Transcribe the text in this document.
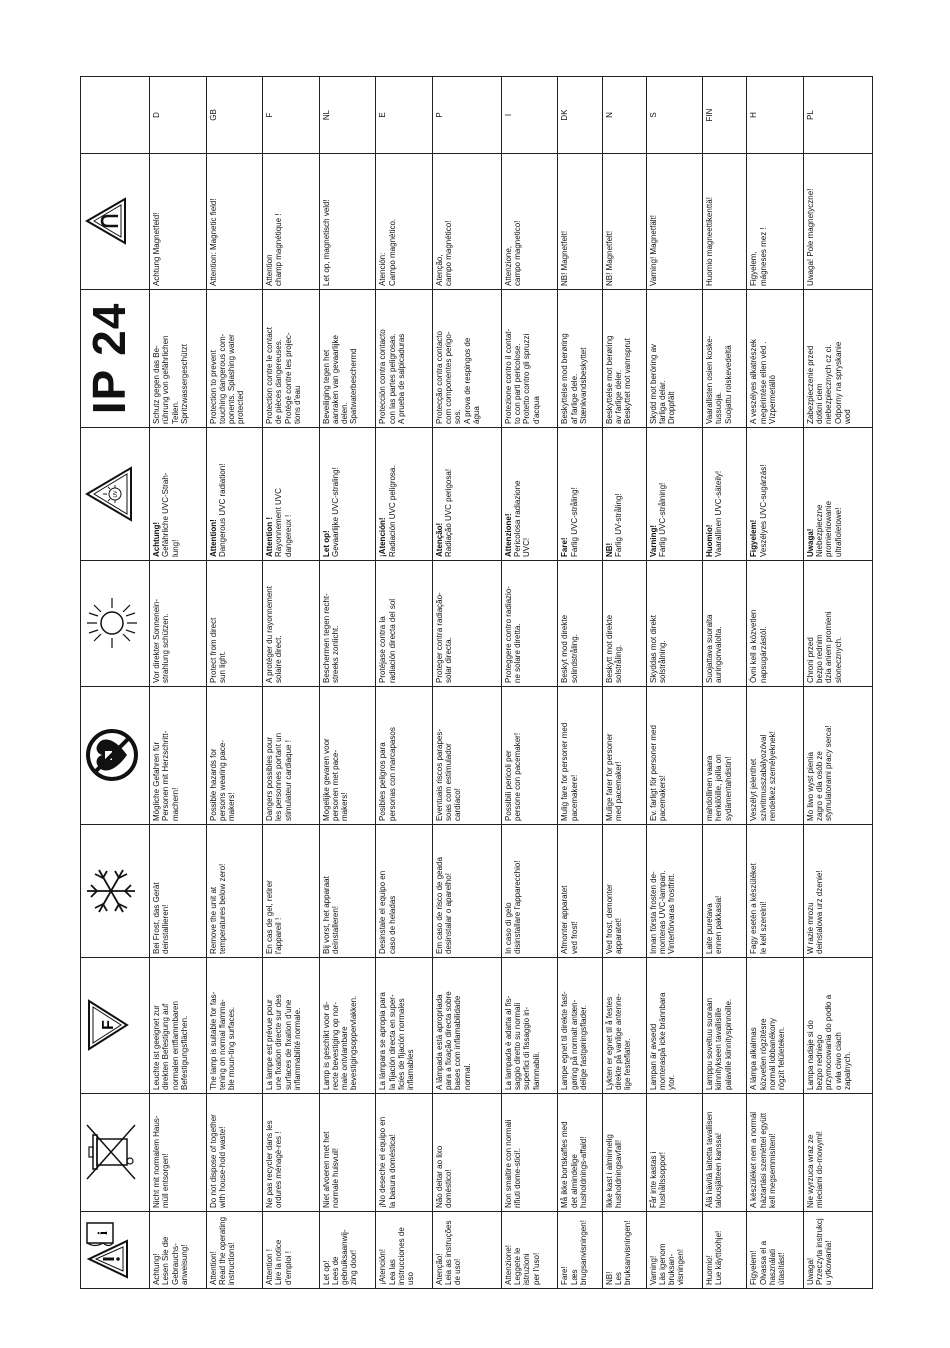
i		F				UV	IP 24	

Achtung!
Lesen Sie die Gebrauchs-
anweisung!	Nicht mit normalem Haus-
müll entsorgen!	Leuchte ist geeignet zur
direkten Befestigung auf
normalen entflammbaren
Befestigungsflächen.	Bei Frost, das Gerät
deinstallieren!	Mögliche Gefahren für
Personen mit Herzschritt-
machern!	Vor direkter Sonnenein-
strahlung schützen.	Achtung!
Gefährliche UVC-Strah-
lung!	Schutz gegen das Be-
rührung von gefährlichen
Teilen.
Spritzwassergeschützt	Achtung Magnetfeld!	D

Attention!
Read the operating
instructions!	Do not dispose of together
with house-hold waste!	The lamp is suitable for fas-
tening on normal flamma-
ble moun-ting surfaces.	Remove the unit at
temperatures below zero!	Possible hazards for
persons wearing pace-
makers!	Protect from direct
sun light.	Attention!
Dangerous UVC radiation!	Protection to prevent
touching dangerous com-
ponents. Splashing water
protected	Attention: Magnetic field!	GB

Attention !
Lire la notice
d'emploi !	Ne pas recycler dans les
ordures ménagè-res !	La lampe est prévue pour
une fixation directe sur des
surfaces de fixation d'une
inflammabilité normale.	En cas de gel, retirer
l'appareil !	Dangers possibles pour
les personnes portant un
stimulateur cardiaque !	A protéger du rayonnement
solaire direct.	Attention !
Rayonnement UVC
dangereux !	Protection contre le contact
de pièces dangereuses.
Protégé contre les projec-
tions d'eau	Attention
champ magnétique !	F

Let op!
Lees de gebruiksaanwij-
zing door!	Niet afvoeren met het
normale huisvuil!	Lamp is geschikt voor di-
recte bevestiging op nor-
male ontvlambare
bevestigingsoppervlakken.	Bij vorst, het apparaat
deïnstalleren!	Mogelijke gevaren voor
personen met pace-
makers!	Beschermen tegen recht-
streeks zonlicht.	Let op!
Gevaarlijke UVC-straling!	Beveiliging tegen het
aanraken van gevaarlijke
delen.
Spatwaterbeschermd	Let op, magnetisch veld!	NL

¡Atención!
Lea las instrucciones de
uso	¡No deseche el equipo en
la basura doméstica!	La lámpara se apropia para
la fijación directa en super-
ficies de fijación normales
inflamables	Desinstale el equipo en
caso de heladas	Posibles peligros para
personas con marcapasos	Protéjase contra la
radiación directa del sol	¡Atención!
Radiación UVC peligrosa.	Protección contra contacto
con las partes peligrosas.
A prueba de salpicaduras	Atención:
Campo magnético.	E

Atenção!
Leia as instruções de uso!	Não deitar ao lixo
doméstico!	A lâmpada está apropriada
para a fixação directa sobre
bases com inflamabilidade
normal.	Em caso de risco de geada
desinstalar o aparelho!	Eventuais riscos parapes-
soas com estimulador
cardíaco!	Proteger contra radiação-
solar directa.	Atenção!
Radiação UVC perigosa!	Protecção contra contacto
com componentes perigo-
sos.
A prova de respingos de
água	Atenção,
campo magnético!	P

Attenzione!
Leggete le istruzioni
per l'uso!	Non smaltire con normali
rifiuti dome-stici!.	La lampada è adatta al fis-
saggio diretto su normali
superfici di fissaggio in-
fiammabili.	In caso di gelo
disinstallare l'apparecchio!	Possibili pericoli per
persone con pacemaker!	Proteggere contro radiazio-
ne solare diretta.	Attenzione!
Pericolosa radiazione
UVC!	Protezione contro il contat-
to con parti pericolose.
Protetto contro gli spruzzi
d'acqua	Attenzione,
campo magnetico!	I

Fare!
Læs brugsanvisningen!	Må ikke bortskaffes med
det almindelige
husholdnings-affald!	Lampe egnet til direkte fast-
gøring på normalt antæn-
delige fastgøringsflader.	Afmonter apparatet
ved frost!	Mulig fare for personer med
pacemakere!	Beskyt mod direkte
solindstråling.	Fare!
Farlig UVC-stråling!	Beskyttelse mod berøring
af farlige dele.
Stænkvandsbeskyttet	NB! Magnetfelt!	DK

NB!
Les bruksanvisningen!	Ikke kast i alminnelig
husholdningsavfall!	Lykten er egnet til å festes
direkte på vanlige antenne-
lige festeflater.	Ved frost, demonter
apparatet!	Mulige farer for personer
med pacemaker!	Beskytt mot direkte
solstråling.	NB!
Farlig UV-stråling!	Beskyttelse mot berøring
av farlige deler.
Beskyttet mot vannsprut	NB! Magnetfelt!	N

Varning!
Läs igenom bruksan-
visningen!	Får inte kastas i
hushållssoppor!	Lampan är avsedd
monteraspå icke brännbara
ytor.	Innan första frosten de-
monteras UVC-lampan.
Vinterförvaras frostfritt.	Ev. farligt för personer med
pacemakers!	Skyddas mot direkt
solstrålning.	Varning!
Farlig UVC-strålning!	Skydd mot beröring av
farliga delar.
Droppfält	Varning! Magnetfält!	S

Huomio!
Lue käyttöohje!	Älä hävitä laitetta tavallisen
talousjätteen kanssa!	Lamppu soveltuu suoraan
kiinnitykseen tavallisille
palaville kiinnityspinnoille.	Laite puretava
ennen pakkasia!	mahdollinen vaara
henkilöille, joilla on
sydämentahdistin!	Suojattava suoralta
auringonvalolta.	Huomio!
Vaarallinen UVC-säteily!	Vaarallisten osien koske-
tussuoja.
Suojattu roiskevedeltä	Huomio magneettikenttä!	FIN

Figyelem!
Olvassa el a használati
útasítást!	A készüléket nem a normál
háztartási szeméttel együtt
kell megsemmisíteni!	A lámpa alkalmas
közvetlen rögzítésre
normál lobbanékony
rögzít felületeken.	Fagy esetén a készüléket
le kell szerelni!	Veszélyt jelenthet
szívritmusszabályozóval
rendelkez személyeknek!	Óvni kell a közvetlen
napsugárzástól.	Figyelem!
Veszélyes UVC-sugárzás!	A veszélyes alkatrészek
megérintése ellen véd .
Vízpermetálló	Figyelem,
mágneses mez !	H

Uwaga!
Przeczyta instrukcj
u ytkowania!	Nie wyrzuca wraz ze
mieciami do-mowymi!	Lampa nadaje si do
bezpo redniego
przymocowania do podło a
o wła ciwo ciach
zapalnych.	W razie mrozu
deinstalowa urz dzenie!	Mo liwo wyst pienia
zagro e dla osób ze
stymulatorami pracy serca!	Chroni przed
bezpo rednim
dzia aniem promieni
slonecznych.	Uwaga!
Niebezpieczne
promieniowanie
ultrafioletowe!	Zabezpieczenie przed
dotkni ciem
niebezpiecznych cz ci.
Odporny na spryskanie
wod	Uwaga! Pole magnetyczne!	PL
